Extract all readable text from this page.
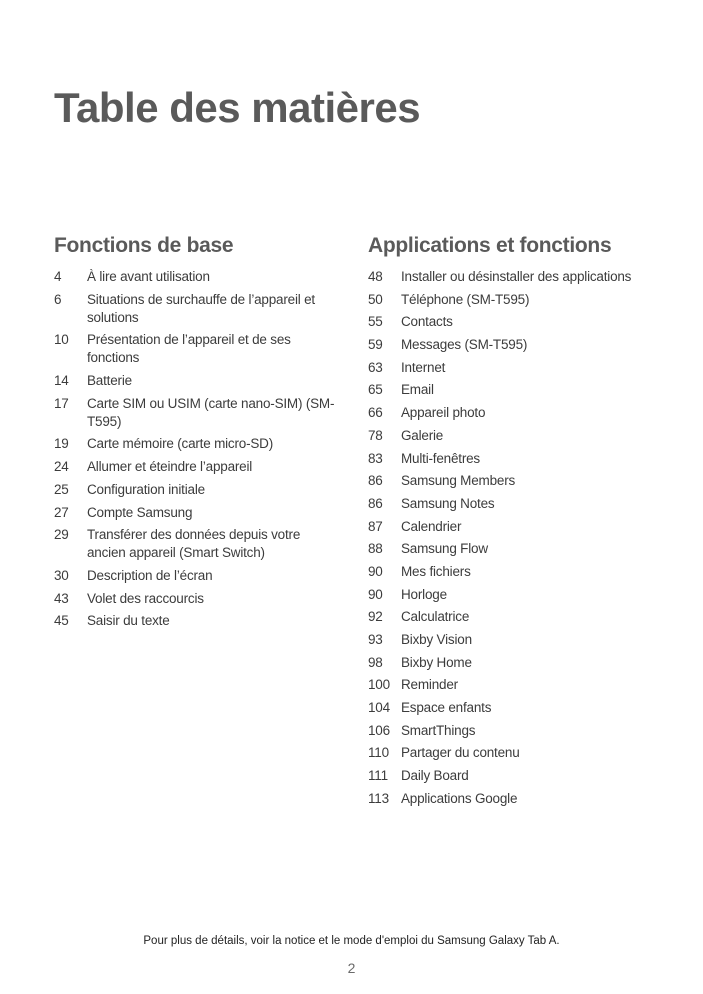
Table des matières
Fonctions de base
4	À lire avant utilisation
6	Situations de surchauffe de l’appareil et solutions
10	Présentation de l’appareil et de ses fonctions
14	Batterie
17	Carte SIM ou USIM (carte nano-SIM) (SM-T595)
19	Carte mémoire (carte micro-SD)
24	Allumer et éteindre l’appareil
25	Configuration initiale
27	Compte Samsung
29	Transférer des données depuis votre ancien appareil (Smart Switch)
30	Description de l’écran
43	Volet des raccourcis
45	Saisir du texte
Applications et fonctions
48	Installer ou désinstaller des applications
50	Téléphone (SM-T595)
55	Contacts
59	Messages (SM-T595)
63	Internet
65	Email
66	Appareil photo
78	Galerie
83	Multi-fenêtres
86	Samsung Members
86	Samsung Notes
87	Calendrier
88	Samsung Flow
90	Mes fichiers
90	Horloge
92	Calculatrice
93	Bixby Vision
98	Bixby Home
100 Reminder
104 Espace enfants
106 SmartThings
110 Partager du contenu
111 Daily Board
113 Applications Google
Pour plus de détails, voir la notice et le mode d'emploi du Samsung Galaxy Tab A.
2
